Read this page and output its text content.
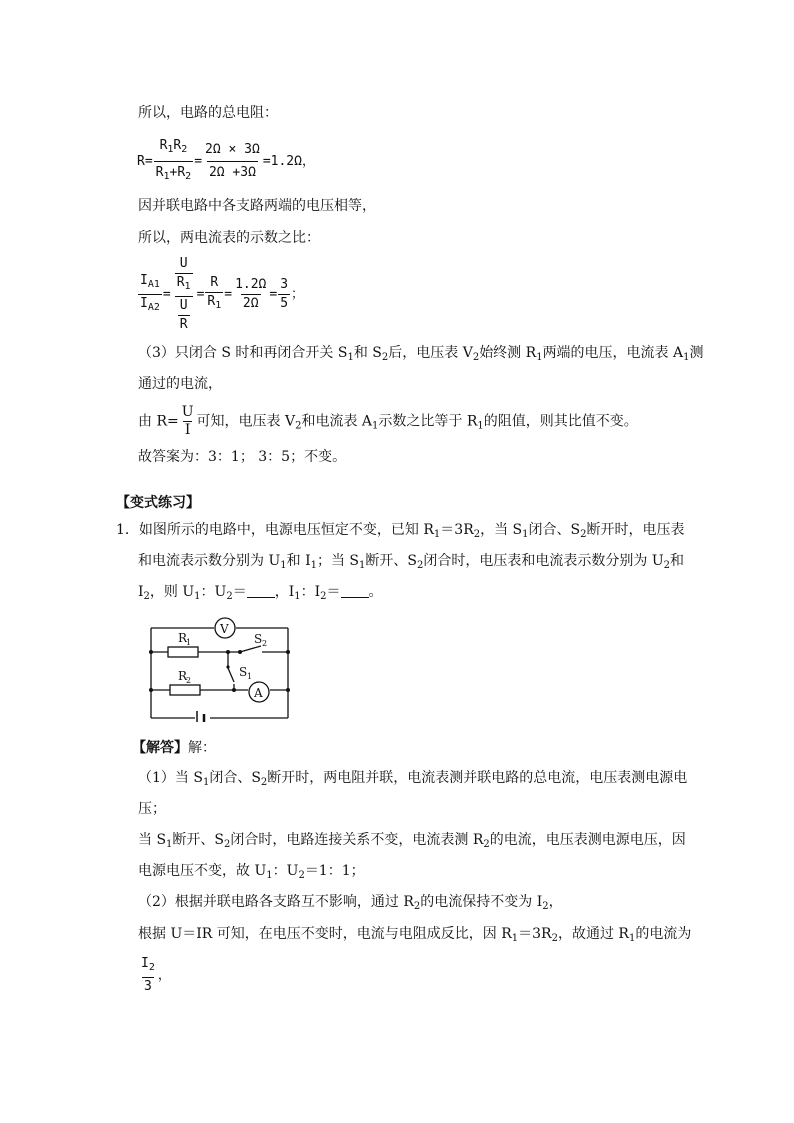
所以，电路的总电阻：
$R= \frac{R_1R_2}{R_1+R_2} = \frac{2\Omega \times 3\Omega}{2\Omega +3\Omega} =1.2\Omega$，
因并联电路中各支路两端的电压相等，
所以，两电流表的示数之比：
$\frac{I_{A1}}{I_{A2}} = \frac{\frac{U}{R_1}}{\frac{U}{R}} = \frac{R}{R_1} = \frac{1.2\Omega}{2\Omega} = \frac{3}{5}$ ；
（3）只闭合 S 时和再闭合开关 $S_1$和 $S_2$后，电压表 $V_2$始终测 $R_1$两端的电压，电流表 $A_1$测
通过的电流，
由 $R= \frac{U}{I}$ 可知，电压表 $V_2$和电流表 $A_1$示数之比等于 $R_1$的阻值，则其比值不变。
故答案为：3：1； 3：5；不变。
【变式练习】
1．如图所示的电路中，电源电压恒定不变，已知 $R_1=3R_2$，当 $S_1$闭合、$S_2$断开时，电压表
和电流表示数分别为 $U_1$和 $I_1$；当 $S_1$断开、$S_2$闭合时，电压表和电流表示数分别为 $U_2$和
$I_2$，则 $U_1$：$U_2=$ ，$I_1$：$I_2=$ 。
V
A
R
1
R
2
S 2
S 1
【解答】解：
（1）当 $S_1$闭合、$S_2$断开时，两电阻并联，电流表测并联电路的总电流，电压表测电源电
压；
当 $S_1$断开、$S_2$闭合时，电路连接关系不变，电流表测 $R_2$的电流，电压表测电源电压，因
电源电压不变，故 $U_1$：$U_2=1$：1；
（2）根据并联电路各支路互不影响，通过 $R_2$的电流保持不变为 $I_2$，
根据 U＝IR 可知，在电压不变时，电流与电阻成反比，因 $R_1=3R_2$，故通过 $R_1$的电流为
$\frac{I_2}{3}$ ，
